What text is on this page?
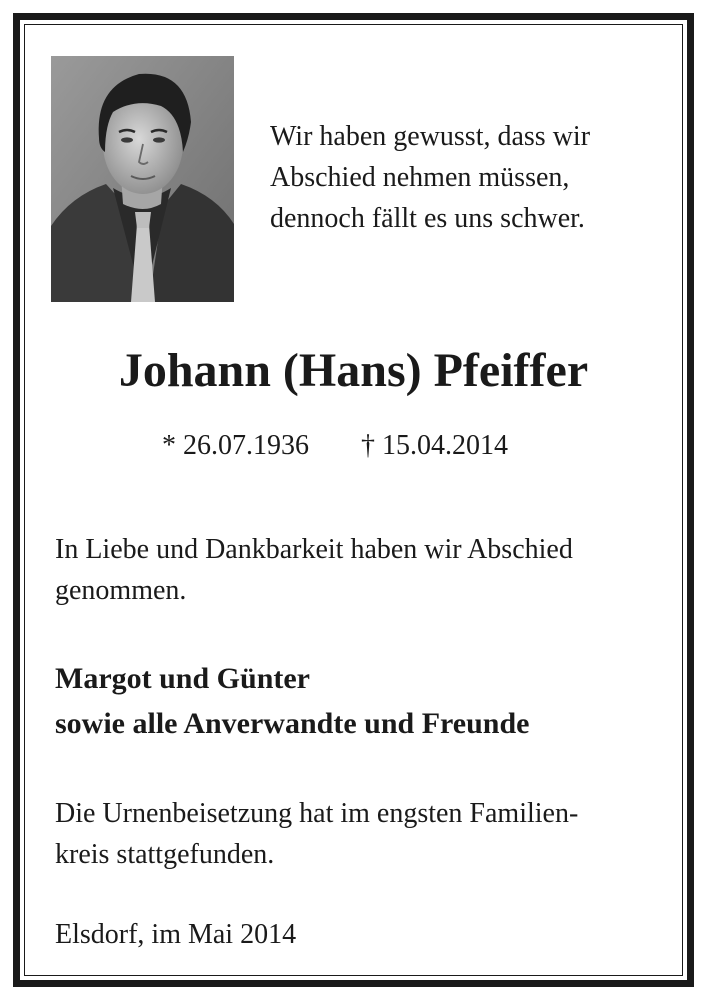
Wir haben gewusst, dass wir
Abschied nehmen müssen,
dennoch fällt es uns schwer.
Johann (Hans) Pfeiffer
* 26.07.1936 † 15.04.2014
In Liebe und Dankbarkeit haben wir Abschied
genommen.
Margot und Günter
sowie alle Anverwandte und Freunde
Die Urnenbeisetzung hat im engsten Familien-
kreis stattgefunden.
Elsdorf, im Mai 2014
